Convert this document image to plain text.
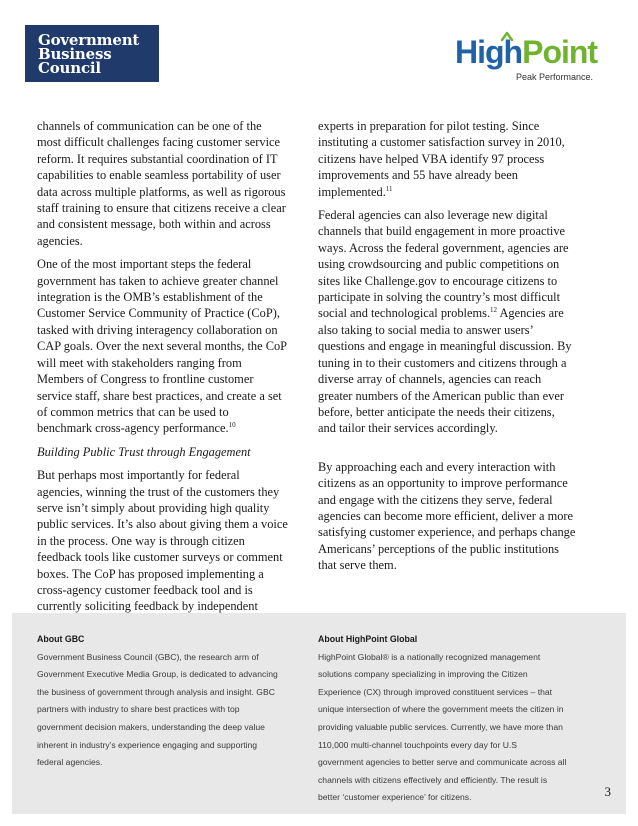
Government
Business
Council	HighPoint
Peak Performance.

channels of communication can be one of the
most difficult challenges facing customer service
reform. It requires substantial coordination of IT
capabilities to enable seamless portability of user
data across multiple platforms, as well as rigorous
staff training to ensure that citizens receive a clear
and consistent message, both within and across
agencies.

One of the most important steps the federal
government has taken to achieve greater channel
integration is the OMB’s establishment of the
Customer Service Community of Practice (CoP),
tasked with driving interagency collaboration on
CAP goals. Over the next several months, the CoP
will meet with stakeholders ranging from
Members of Congress to frontline customer
service staff, share best practices, and create a set
of common metrics that can be used to
benchmark cross-agency performance.$^{10}$

Building Public Trust through Engagement

But perhaps most importantly for federal
agencies, winning the trust of the customers they
serve isn’t simply about providing high quality
public services. It’s also about giving them a voice
in the process. One way is through citizen
feedback tools like customer surveys or comment
boxes. The CoP has proposed implementing a
cross-agency customer feedback tool and is
currently soliciting feedback by independent

experts in preparation for pilot testing. Since
instituting a customer satisfaction survey in 2010,
citizens have helped VBA identify 97 process
improvements and 55 have already been
implemented.$^{11}$

Federal agencies can also leverage new digital
channels that build engagement in more proactive
ways. Across the federal government, agencies are
using crowdsourcing and public competitions on
sites like Challenge.gov to encourage citizens to
participate in solving the country’s most difficult
social and technological problems.$^{12}$ Agencies are
also taking to social media to answer users’
questions and engage in meaningful discussion. By
tuning in to their customers and citizens through a
diverse array of channels, agencies can reach
greater numbers of the American public than ever
before, better anticipate the needs their citizens,
and tailor their services accordingly.

By approaching each and every interaction with
citizens as an opportunity to improve performance
and engage with the citizens they serve, federal
agencies can become more efficient, deliver a more
satisfying customer experience, and perhaps change
Americans’ perceptions of the public institutions
that serve them.

About GBC
Government Business Council (GBC), the research arm of
Government Executive Media Group, is dedicated to advancing
the business of government through analysis and insight. GBC
partners with industry to share best practices with top
government decision makers, understanding the deep value
inherent in industry’s experience engaging and supporting
federal agencies.
About HighPoint Global
HighPoint Global® is a nationally recognized management
solutions company specializing in improving the Citizen
Experience (CX) through improved constituent services – that
unique intersection of where the government meets the citizen in
providing valuable public services. Currently, we have more than
110,000 multi-channel touchpoints every day for U.S
government agencies to better serve and communicate across all
channels with citizens effectively and efficiently. The result is
better ‘customer experience’ for citizens.	3
